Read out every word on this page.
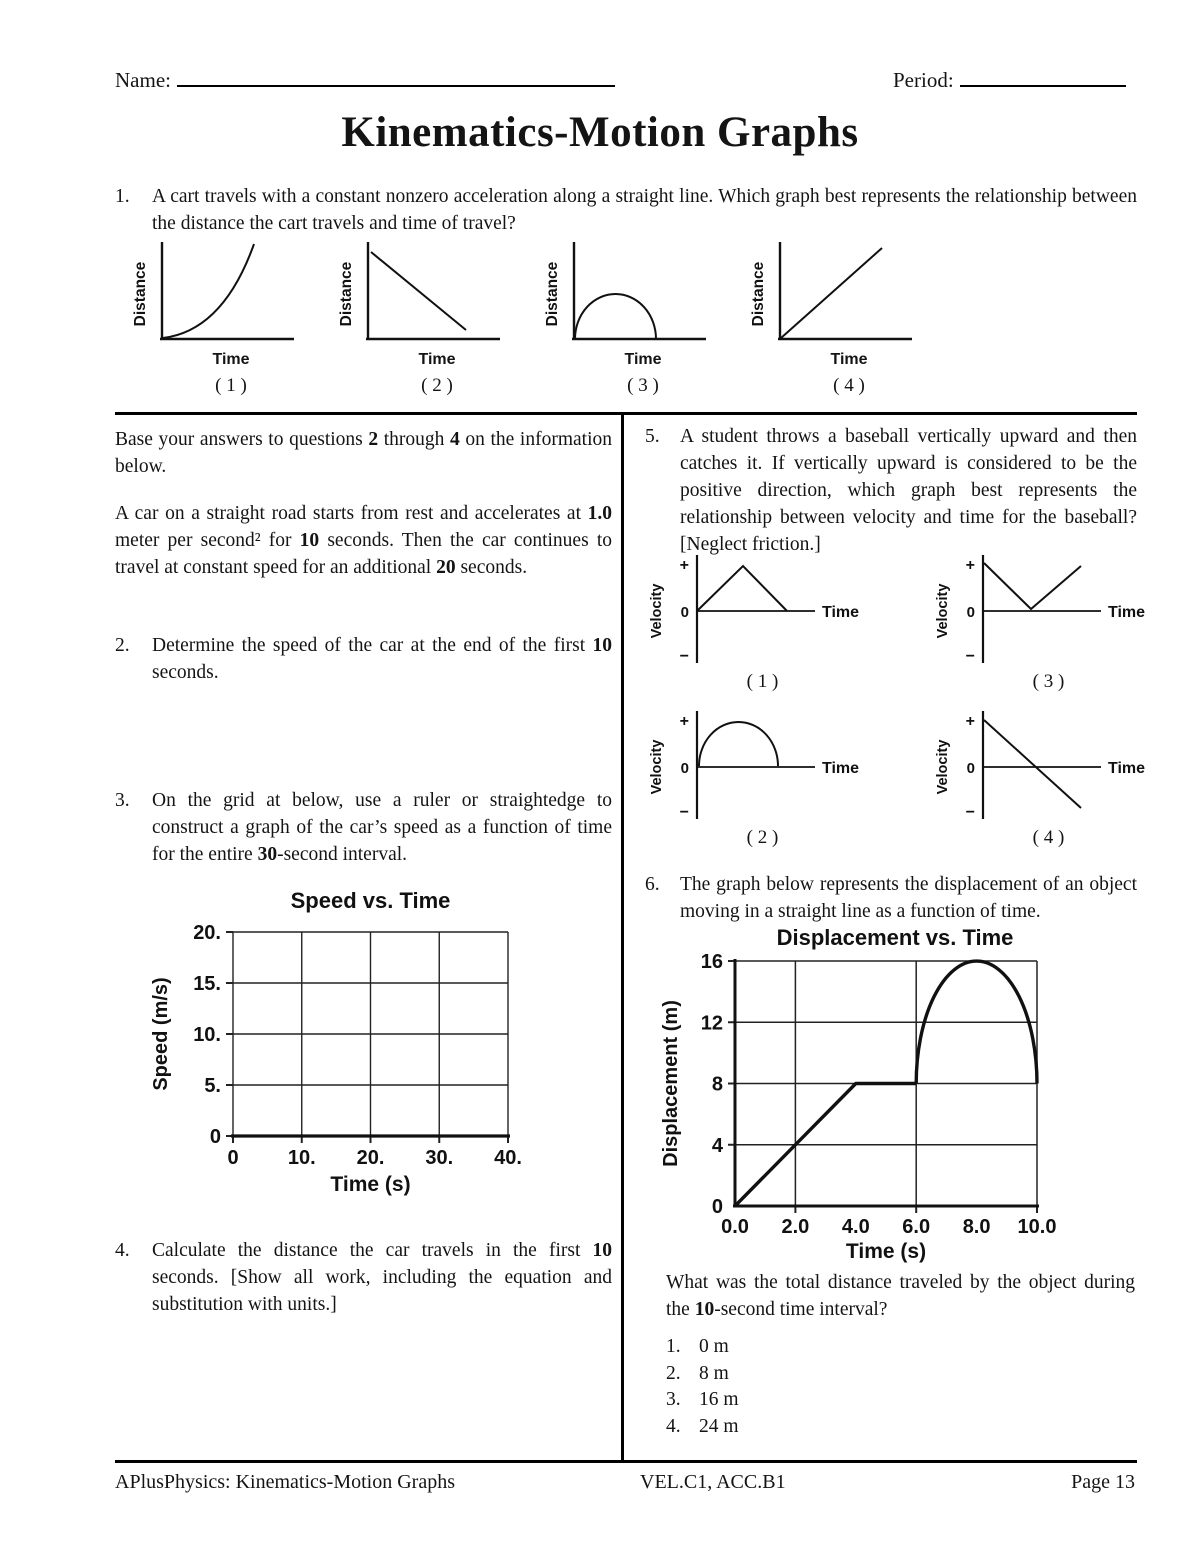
Name:	Period:
Kinematics-Motion Graphs
1.	A cart travels with a constant nonzero acceleration along a straight line. Which graph best represents the relationship between the distance the cart travels and time of travel?
Distance
Time
( 1 )
Distance
Time
( 2 )
Distance
Time
( 3 )
Distance
Time
( 4 )
Base your answers to questions 2 through 4 on the information below.
A car on a straight road starts from rest and accelerates at 1.0 meter per second² for 10 seconds. Then the car continues to travel at constant speed for an additional 20 seconds.
2.	Determine the speed of the car at the end of the first 10 seconds.
3.	On the grid at below, use a ruler or straightedge to construct a graph of the car’s speed as a function of time for the entire 30-second interval.
Speed vs. Time
0 10. 20. 30. 40.
0
5.
10.
15.
20.
Speed (m/s)
Time (s)
4.	Calculate the distance the car travels in the first 10 seconds. [Show all work, including the equation and substitution with units.]
5.	A student throws a baseball vertically upward and then catches it. If vertically upward is considered to be the positive direction, which graph best represents the relationship between velocity and time for the baseball? [Neglect friction.]
Velocity
+
0
−
Time
( 1 )
Velocity
+
0
−
Time
( 3 )
Velocity
+
0
−
Time
( 2 )
Velocity
+
0
−
Time
( 4 )
6.	The graph below represents the displacement of an object moving in a straight line as a function of time.
Displacement vs. Time
0
4
8
12
16
0.0 2.0 4.0 6.0 8.0 10.0
Displacement (m)
Time (s)
What was the total distance traveled by the object during the 10-second time interval?
1. 0 m
2. 8 m
3. 16 m
4. 24 m
APlusPhysics: Kinematics-Motion Graphs	VEL.C1, ACC.B1	Page 13
